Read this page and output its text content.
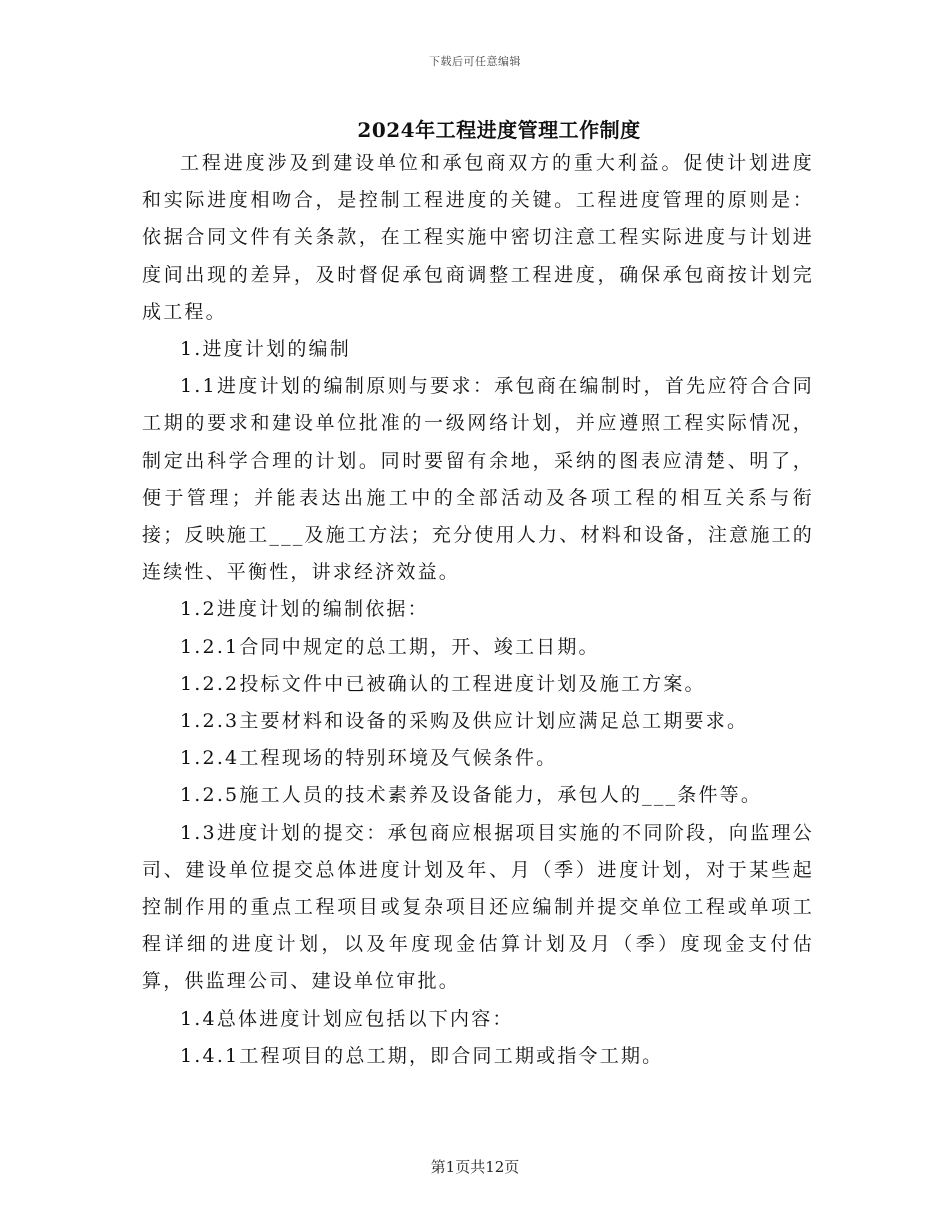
下载后可任意编辑
2024年工程进度管理工作制度

工程进度涉及到建设单位和承包商双方的重大利益。促使计划进度和实际进度相吻合，是控制工程进度的关键。工程进度管理的原则是：依据合同文件有关条款，在工程实施中密切注意工程实际进度与计划进度间出现的差异，及时督促承包商调整工程进度，确保承包商按计划完成工程。

1.进度计划的编制

1.1进度计划的编制原则与要求：承包商在编制时，首先应符合合同工期的要求和建设单位批准的一级网络计划，并应遵照工程实际情况，制定出科学合理的计划。同时要留有余地，采纳的图表应清楚、明了，便于管理；并能表达出施工中的全部活动及各项工程的相互关系与衔接；反映施工___及施工方法；充分使用人力、材料和设备，注意施工的连续性、平衡性，讲求经济效益。

1.2进度计划的编制依据：

1.2.1合同中规定的总工期，开、竣工日期。

1.2.2投标文件中已被确认的工程进度计划及施工方案。

1.2.3主要材料和设备的采购及供应计划应满足总工期要求。

1.2.4工程现场的特别环境及气候条件。

1.2.5施工人员的技术素养及设备能力，承包人的___条件等。

1.3进度计划的提交：承包商应根据项目实施的不同阶段，向监理公司、建设单位提交总体进度计划及年、月（季）进度计划，对于某些起控制作用的重点工程项目或复杂项目还应编制并提交单位工程或单项工程详细的进度计划，以及年度现金估算计划及月（季）度现金支付估算，供监理公司、建设单位审批。

1.4总体进度计划应包括以下内容：

1.4.1工程项目的总工期，即合同工期或指令工期。

第1页共12页
